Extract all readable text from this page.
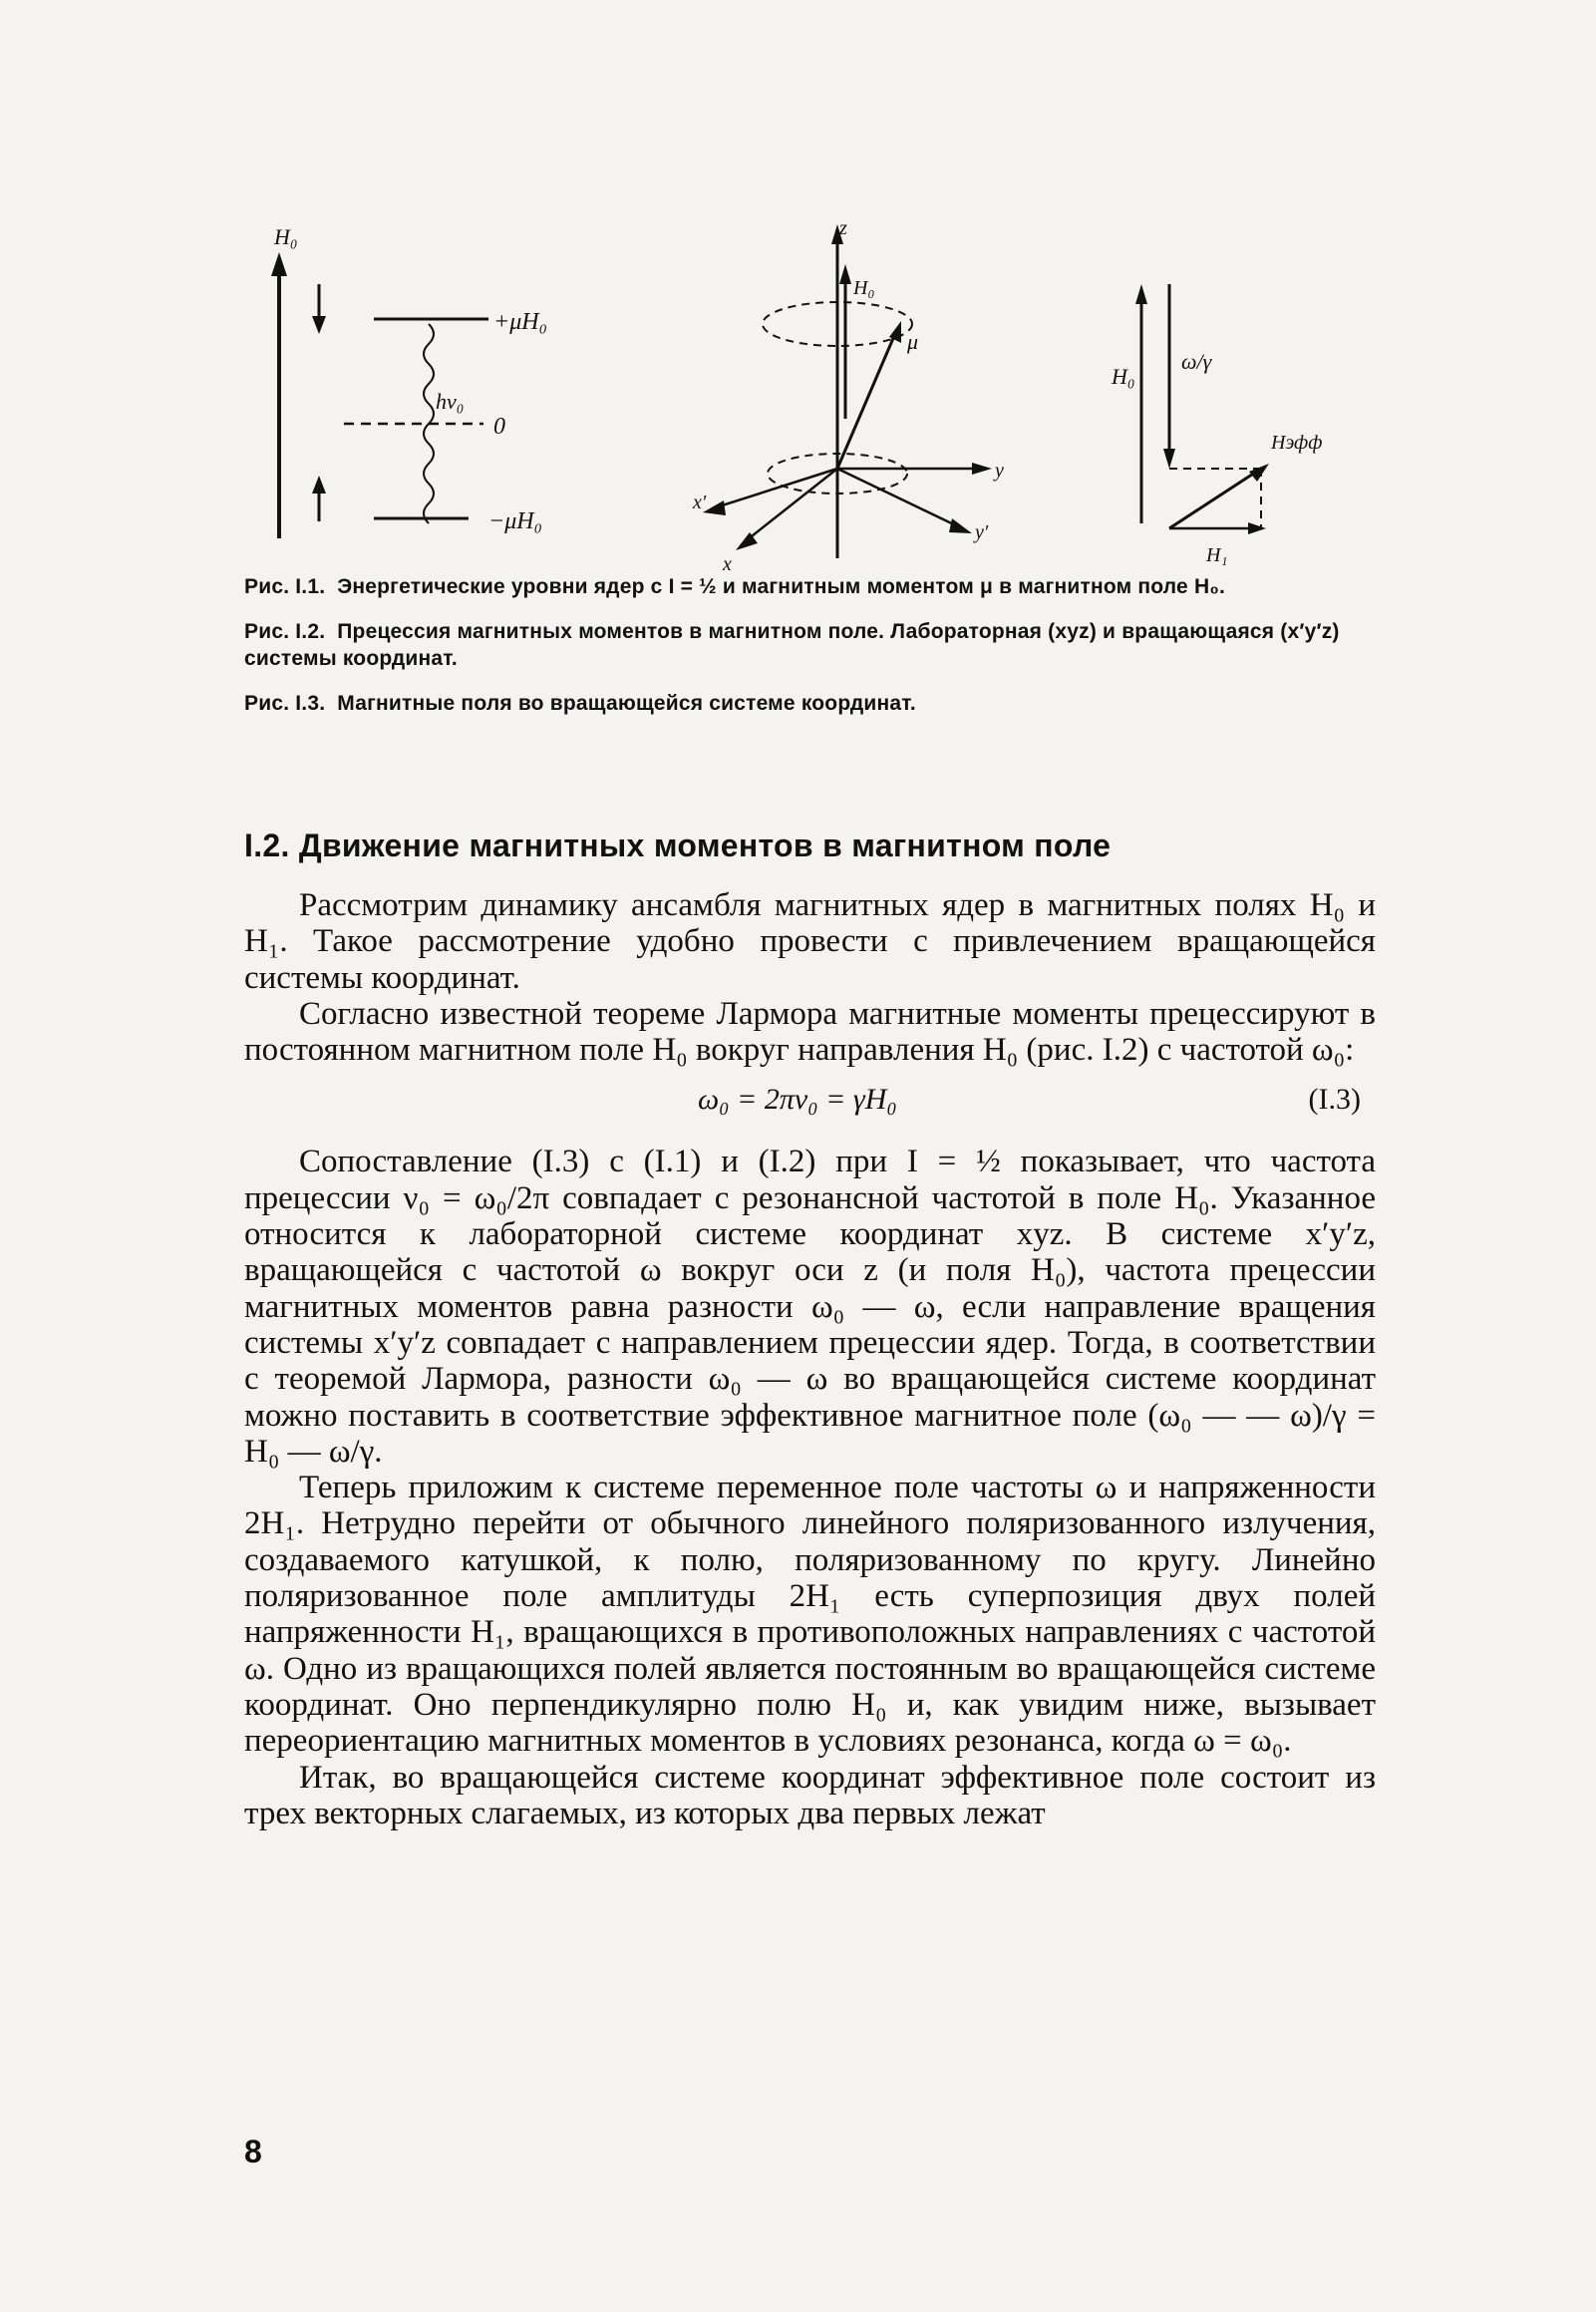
H₀
+μH₀
0
−μH₀
hν₀
z
H₀
μ
y
y′
x
x′
H₀
ω/γ
Hэфф
H₁

Рис. I.1. Энергетические уровни ядер с I = ½ и магнитным моментом μ в магнитном поле H₀.

Рис. I.2. Прецессия магнитных моментов в магнитном поле. Лабораторная (xyz) и вращающаяся (x′y′z) системы координат.

Рис. I.3. Магнитные поля во вращающейся системе координат.

I.2. Движение магнитных моментов в магнитном поле

Рассмотрим динамику ансамбля магнитных ядер в магнитных полях H₀ и H₁. Такое рассмотрение удобно провести с привлечением вращающейся системы координат.

Согласно известной теореме Лармора магнитные моменты прецессируют в постоянном магнитном поле H₀ вокруг направления H₀ (рис. I.2) с частотой ω₀:

ω₀ = 2πν₀ = γH₀	(I.3)

Сопоставление (I.3) с (I.1) и (I.2) при I = ½ показывает, что частота прецессии ν₀ = ω₀/2π совпадает с резонансной частотой в поле H₀. Указанное относится к лабораторной системе координат xyz. В системе x′y′z, вращающейся с частотой ω вокруг оси z (и поля H₀), частота прецессии магнитных моментов равна разности ω₀ — ω, если направление вращения системы x′y′z совпадает с направлением прецессии ядер. Тогда, в соответствии с теоремой Лармора, разности ω₀ — ω во вращающейся системе координат можно поставить в соответствие эффективное магнитное поле (ω₀ — — ω)/γ = H₀ — ω/γ.

Теперь приложим к системе переменное поле частоты ω и напряженности 2H₁. Нетрудно перейти от обычного линейного поляризованного излучения, создаваемого катушкой, к полю, поляризованному по кругу. Линейно поляризованное поле амплитуды 2H₁ есть суперпозиция двух полей напряженности H₁, вращающихся в противоположных направлениях с частотой ω. Одно из вращающихся полей является постоянным во вращающейся системе координат. Оно перпендикулярно полю H₀ и, как увидим ниже, вызывает переориентацию магнитных моментов в условиях резонанса, когда ω = ω₀.

Итак, во вращающейся системе координат эффективное поле состоит из трех векторных слагаемых, из которых два первых лежат

8
